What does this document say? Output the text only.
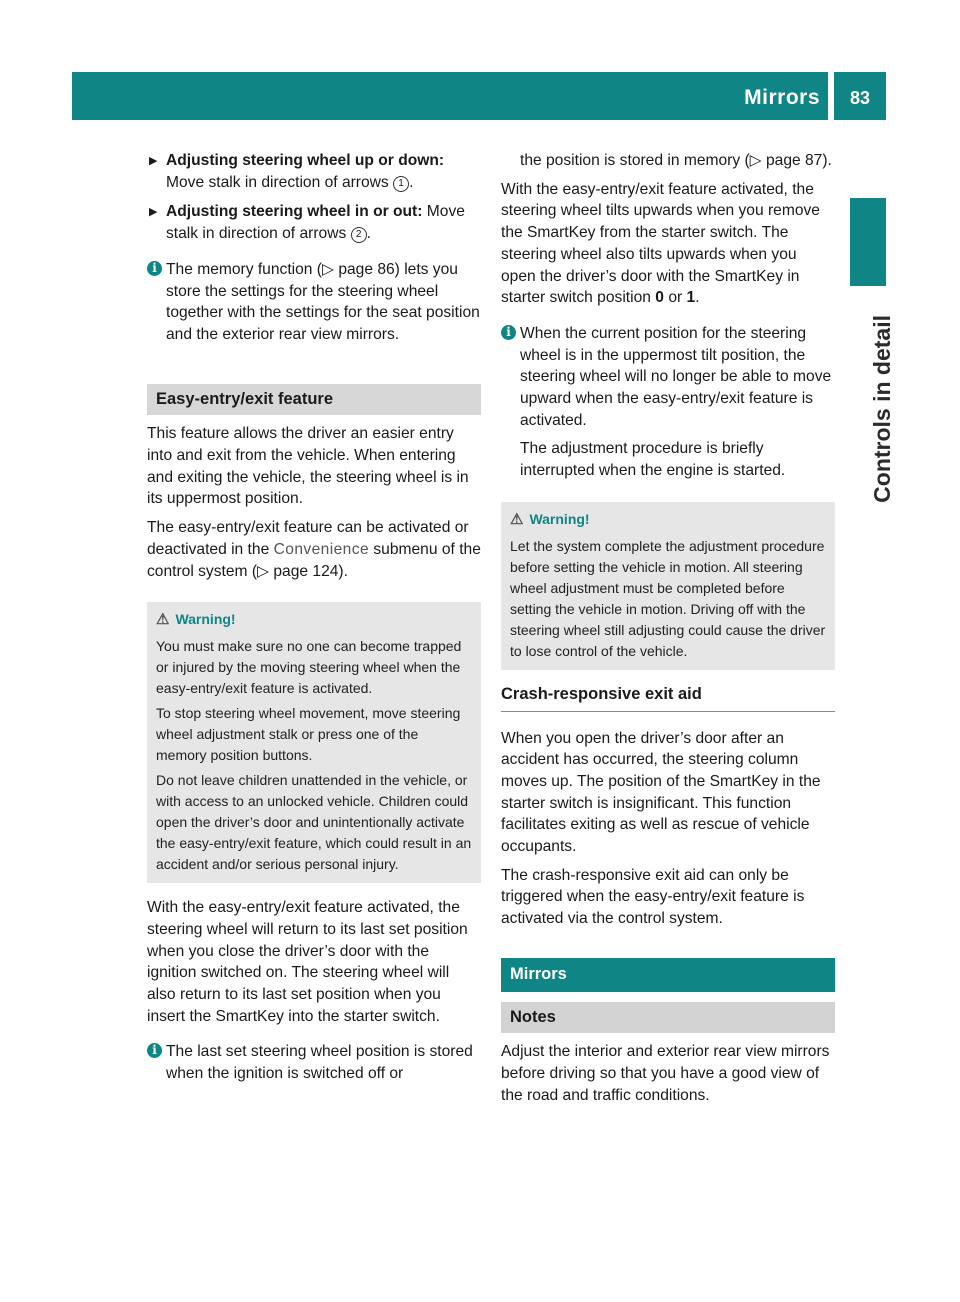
Mirrors	83
Controls in detail
▶ Adjusting steering wheel up or down: Move stalk in direction of arrows 1 .
▶ Adjusting steering wheel in or out: Move stalk in direction of arrows 2 .
i The memory function (▷ page 86) lets you store the settings for the steering wheel together with the settings for the seat position and the exterior rear view mirrors.

Easy-entry/exit feature

This feature allows the driver an easier entry into and exit from the vehicle. When entering and exiting the vehicle, the steering wheel is in its uppermost position.

The easy-entry/exit feature can be activated or deactivated in the Convenience submenu of the control system (▷ page 124).

⚠ Warning!

You must make sure no one can become trapped or injured by the moving steering wheel when the easy-entry/exit feature is activated.

To stop steering wheel movement, move steering wheel adjustment stalk or press one of the memory position buttons.

Do not leave children unattended in the vehicle, or with access to an unlocked vehicle. Children could open the driver’s door and unintentionally activate the easy-entry/exit feature, which could result in an accident and/or serious personal injury.

With the easy-entry/exit feature activated, the steering wheel will return to its last set position when you close the driver’s door with the ignition switched on. The steering wheel will also return to its last set position when you insert the SmartKey into the starter switch.

i The last set steering wheel position is stored when the ignition is switched off or

the position is stored in memory (▷ page 87).

With the easy-entry/exit feature activated, the steering wheel tilts upwards when you remove the SmartKey from the starter switch. The steering wheel also tilts upwards when you open the driver’s door with the SmartKey in starter switch position 0 or 1.

i When the current position for the steering wheel is in the uppermost tilt position, the steering wheel will no longer be able to move upward when the easy-entry/exit feature is activated.

The adjustment procedure is briefly interrupted when the engine is started.

⚠ Warning!

Let the system complete the adjustment procedure before setting the vehicle in motion. All steering wheel adjustment must be completed before setting the vehicle in motion. Driving off with the steering wheel still adjusting could cause the driver to lose control of the vehicle.

Crash-responsive exit aid

When you open the driver’s door after an accident has occurred, the steering column moves up. The position of the SmartKey in the starter switch is insignificant. This function facilitates exiting as well as rescue of vehicle occupants.

The crash-responsive exit aid can only be triggered when the easy-entry/exit feature is activated via the control system.

Mirrors
Notes

Adjust the interior and exterior rear view mirrors before driving so that you have a good view of the road and traffic conditions.
